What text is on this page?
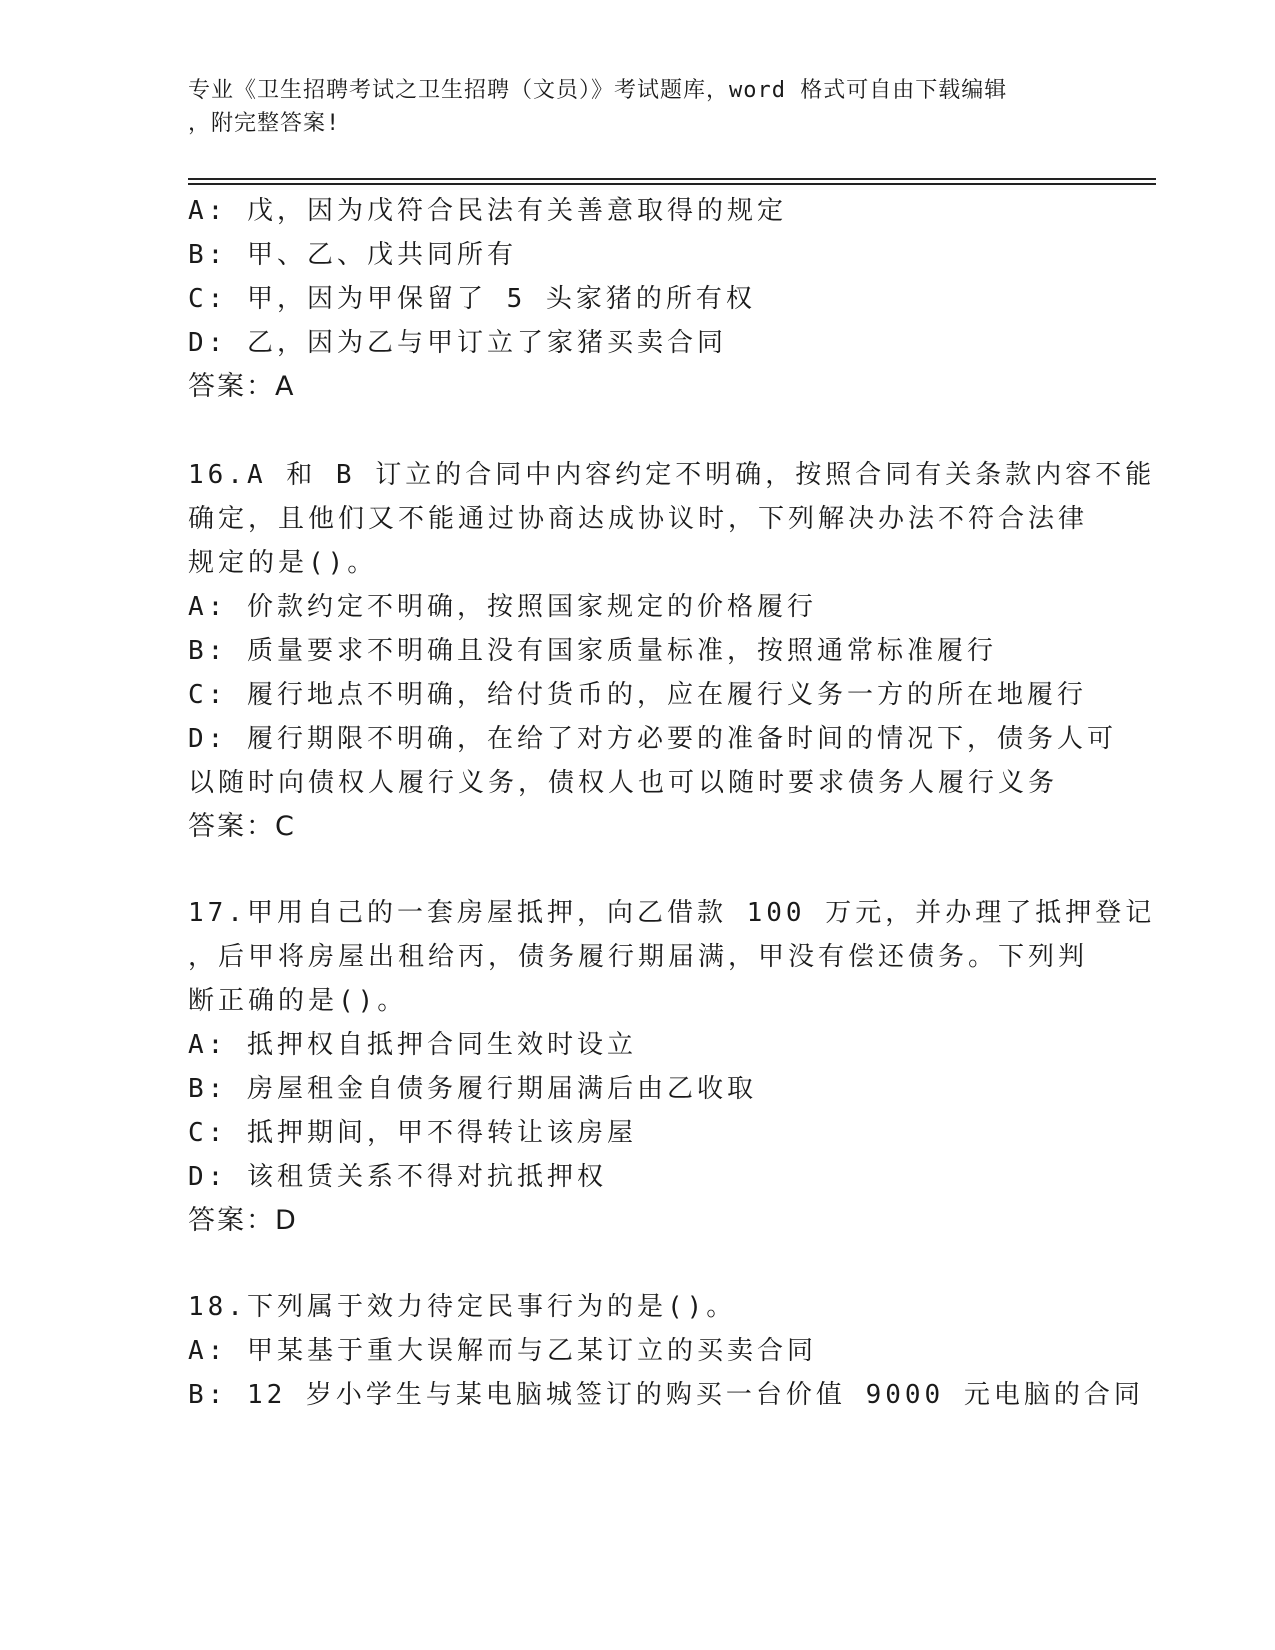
专业《卫生招聘考试之卫生招聘（文员）》考试题库，word 格式可自由下载编辑
，附完整答案!
A: 戊，因为戊符合民法有关善意取得的规定
B: 甲、乙、戊共同所有
C: 甲，因为甲保留了 5 头家猪的所有权
D: 乙，因为乙与甲订立了家猪买卖合同
答案：A
16.A 和 B 订立的合同中内容约定不明确，按照合同有关条款内容不能
确定，且他们又不能通过协商达成协议时，下列解决办法不符合法律
规定的是()。
A: 价款约定不明确，按照国家规定的价格履行
B: 质量要求不明确且没有国家质量标准，按照通常标准履行
C: 履行地点不明确，给付货币的，应在履行义务一方的所在地履行
D: 履行期限不明确，在给了对方必要的准备时间的情况下，债务人可
以随时向债权人履行义务，债权人也可以随时要求债务人履行义务
答案：C
17.甲用自己的一套房屋抵押，向乙借款 100 万元，并办理了抵押登记
，后甲将房屋出租给丙，债务履行期届满，甲没有偿还债务。下列判
断正确的是()。
A: 抵押权自抵押合同生效时设立
B: 房屋租金自债务履行期届满后由乙收取
C: 抵押期间，甲不得转让该房屋
D: 该租赁关系不得对抗抵押权
答案：D
18.下列属于效力待定民事行为的是()。
A: 甲某基于重大误解而与乙某订立的买卖合同
B: 12 岁小学生与某电脑城签订的购买一台价值 9000 元电脑的合同
